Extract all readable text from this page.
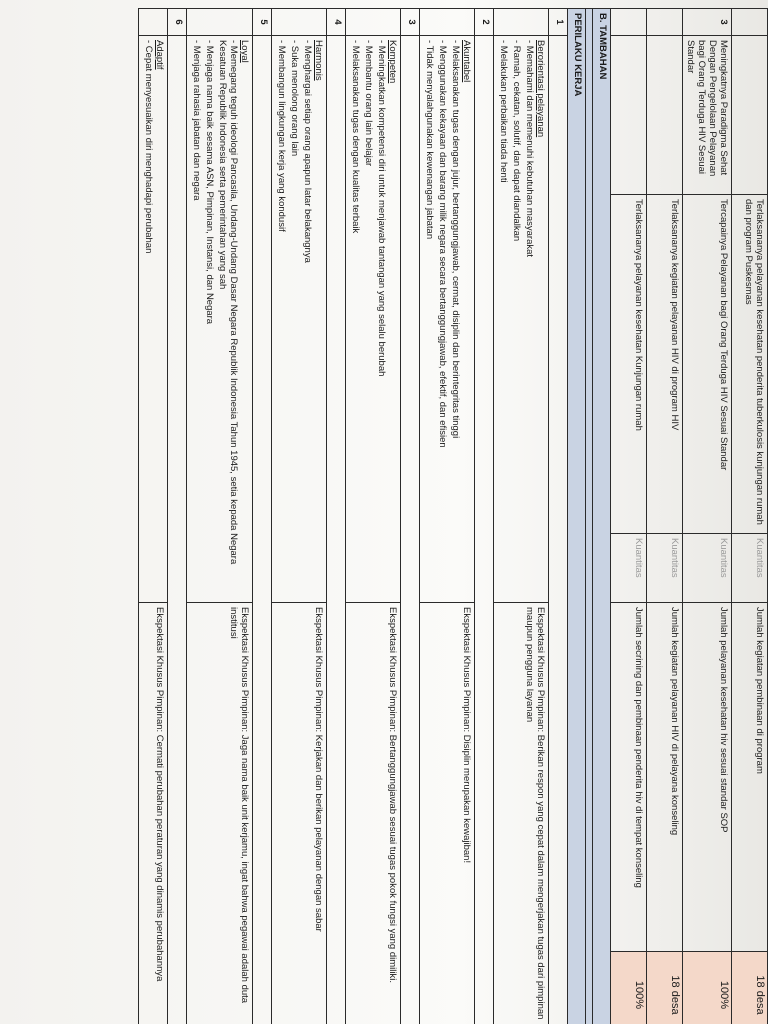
		Terlaksananya pelayanan kesehatan penderita tuberkulosis kunjungan rumah dan program Puskesmas	Kuantitas	Jumlah kegiatan pembinaan di program	18 desa
3	Meningkatnya Paradigma Sehat Dengan Pengelolaan Pelayanan bagi Orang Terduga HIV Sesuai Standar	Tercapainya Pelayanan bagi Orang Terduga HIV Sesuai Standar	Kuantitas	Jumlah pelayanan kesehatan hiv sesuai standar SOP	100%
		Terlaksananya kegiatan pelayanan HIV di program HIV	Kuantitas	Jumlah kegiatan pelayanan HIV di pelayana konseling	18 desa
		Terlaksananya pelayanan kesehatan Kunjungan rumah	Kuantitas	Jumlah secrining dan pembinaan penderita hiv di tempat konseling	100%
B. TAMBAHAN					

PERILAKU KERJA					
1					

	Berorientasi pelayanan
- Memahami dan memenuhi kebutuhan masyarakat
- Ramah, cekatan, solutif, dan dapat diandalkan
- Melakukan perbaikan tiada henti			Ekspektasi Khusus Pimpinan: Berikan respon yang cepat dalam mengerjakan tugas dari pimpinan maupun pengguna layanan	
2					

	Akuntabel
- Melaksanakan tugas dengan jujur, bertanggungjawab, cermat, disiplin dan berintegritas tinggi
- Menggunakan kekayaan dan barang milik negara secara bertanggungjawab, efektif, dan efisien
- Tidak menyalahgunakan kewenangan jabatan			Ekspektasi Khusus Pimpinan: Disiplin merupakan kewajiban!	
3					

	Kompeten
- Meningkatkan kompetensi diri untuk menjawab tantangan yang selalu berubah
- Membantu orang lain belajar
- Melaksanakan tugas dengan kualitas terbaik			Ekspektasi Khusus Pimpinan: Bertanggungjawab sesuai tugas pokok fungsi yang dimiliki.	
4					

	Harmonis
- Menghargai setiap orang apapun latar belakangnya
- Suka menolong orang lain
- Membangun lingkungan kerja yang kondusif			Ekspektasi Khusus Pimpinan: Kerjakan dan berikan pelayanan dengan sabar	
5					

	Loyal
- Memegang teguh ideologi Pancasila, Undang-Undang Dasar Negara Republik Indonesia Tahun 1945, setia kepada Negara Kesatuan Republik Indonesia serta pemerintahan yang sah
- Menjaga nama baik sesama ASN, Pimpinan, Instansi, dan Negara
- Menjaga rahasia jabatan dan negara			Ekspektasi Khusus Pimpinan: Jaga nama baik unit kerjamu, ingat bahwa pegawai adalah duta institusi	
6					

	Adaptif
- Cepat menyesuaikan diri menghadapi perubahan			Ekspektasi Khusus Pimpinan: Cermati perubahan peraturan yang dinamis perubahannya	
